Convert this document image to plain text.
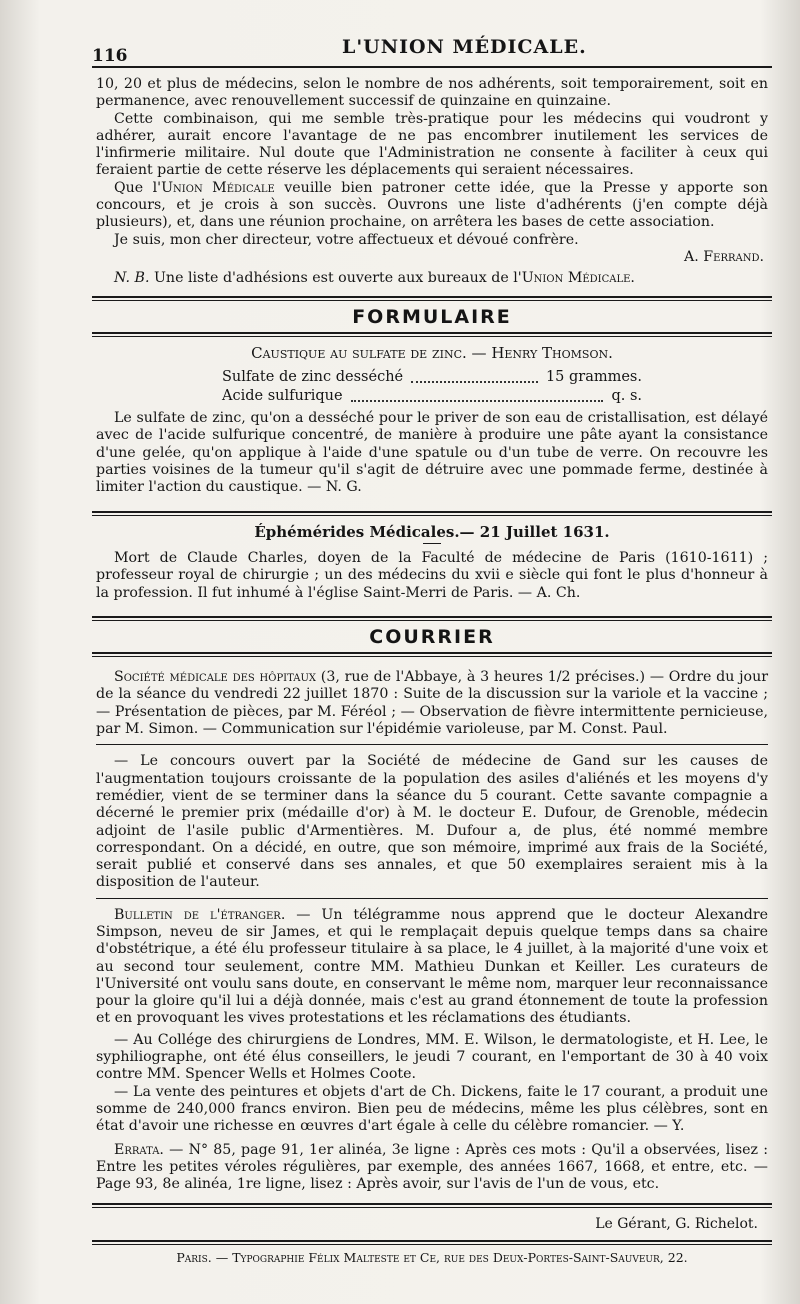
116	L'UNION MÉDICALE.

10, 20 et plus de médecins, selon le nombre de nos adhérents, soit temporairement, soit en permanence, avec renouvellement successif de quinzaine en quinzaine.

Cette combinaison, qui me semble très-pratique pour les médecins qui voudront y adhérer, aurait encore l'avantage de ne pas encombrer inutilement les services de l'infirmerie militaire. Nul doute que l'Administration ne consente à faciliter à ceux qui feraient partie de cette réserve les déplacements qui seraient nécessaires.

Que l'Union Médicale veuille bien patroner cette idée, que la Presse y apporte son concours, et je crois à son succès. Ouvrons une liste d'adhérents (j'en compte déjà plusieurs), et, dans une réunion prochaine, on arrêtera les bases de cette association.

Je suis, mon cher directeur, votre affectueux et dévoué confrère.

A. Ferrand.

N. B. Une liste d'adhésions est ouverte aux bureaux de l'Union Médicale.

FORMULAIRE
Caustique au sulfate de zinc. — Henry Thomson.
Sulfate de zinc desséché	15 grammes.
Acide sulfurique	q. s.

Le sulfate de zinc, qu'on a desséché pour le priver de son eau de cristallisation, est délayé avec de l'acide sulfurique concentré, de manière à produire une pâte ayant la consistance d'une gelée, qu'on applique à l'aide d'une spatule ou d'un tube de verre. On recouvre les parties voisines de la tumeur qu'il s'agit de détruire avec une pommade ferme, destinée à limiter l'action du caustique. — N. G.

Éphémérides Médicales.— 21 Juillet 1631.

Mort de Claude Charles, doyen de la Faculté de médecine de Paris (1610-1611) ; professeur royal de chirurgie ; un des médecins du xvii e siècle qui font le plus d'honneur à la profession. Il fut inhumé à l'église Saint-Merri de Paris. — A. Ch.

COURRIER

Société médicale des hôpitaux (3, rue de l'Abbaye, à 3 heures 1/2 précises.) — Ordre du jour de la séance du vendredi 22 juillet 1870 : Suite de la discussion sur la variole et la vaccine ; — Présentation de pièces, par M. Féréol ; — Observation de fièvre intermittente pernicieuse, par M. Simon. — Communication sur l'épidémie varioleuse, par M. Const. Paul.

— Le concours ouvert par la Société de médecine de Gand sur les causes de l'augmentation toujours croissante de la population des asiles d'aliénés et les moyens d'y remédier, vient de se terminer dans la séance du 5 courant. Cette savante compagnie a décerné le premier prix (médaille d'or) à M. le docteur E. Dufour, de Grenoble, médecin adjoint de l'asile public d'Armentières. M. Dufour a, de plus, été nommé membre correspondant. On a décidé, en outre, que son mémoire, imprimé aux frais de la Société, serait publié et conservé dans ses annales, et que 50 exemplaires seraient mis à la disposition de l'auteur.

Bulletin de l'étranger. — Un télégramme nous apprend que le docteur Alexandre Simpson, neveu de sir James, et qui le remplaçait depuis quelque temps dans sa chaire d'obstétrique, a été élu professeur titulaire à sa place, le 4 juillet, à la majorité d'une voix et au second tour seulement, contre MM. Mathieu Dunkan et Keiller. Les curateurs de l'Université ont voulu sans doute, en conservant le même nom, marquer leur reconnaissance pour la gloire qu'il lui a déjà donnée, mais c'est au grand étonnement de toute la profession et en provoquant les vives protestations et les réclamations des étudiants.

— Au Collége des chirurgiens de Londres, MM. E. Wilson, le dermatologiste, et H. Lee, le syphiliographe, ont été élus conseillers, le jeudi 7 courant, en l'emportant de 30 à 40 voix contre MM. Spencer Wells et Holmes Coote.

— La vente des peintures et objets d'art de Ch. Dickens, faite le 17 courant, a produit une somme de 240,000 francs environ. Bien peu de médecins, même les plus célèbres, sont en état d'avoir une richesse en œuvres d'art égale à celle du célèbre romancier. — Y.

Errata. — N° 85, page 91, 1er alinéa, 3e ligne : Après ces mots : Qu'il a observées, lisez : Entre les petites véroles régulières, par exemple, des années 1667, 1668, et entre, etc. — Page 93, 8e alinéa, 1re ligne, lisez : Après avoir, sur l'avis de l'un de vous, etc.

Le Gérant, G. Richelot.

Paris. — Typographie Félix Malteste et Ce, rue des Deux-Portes-Saint-Sauveur, 22.
